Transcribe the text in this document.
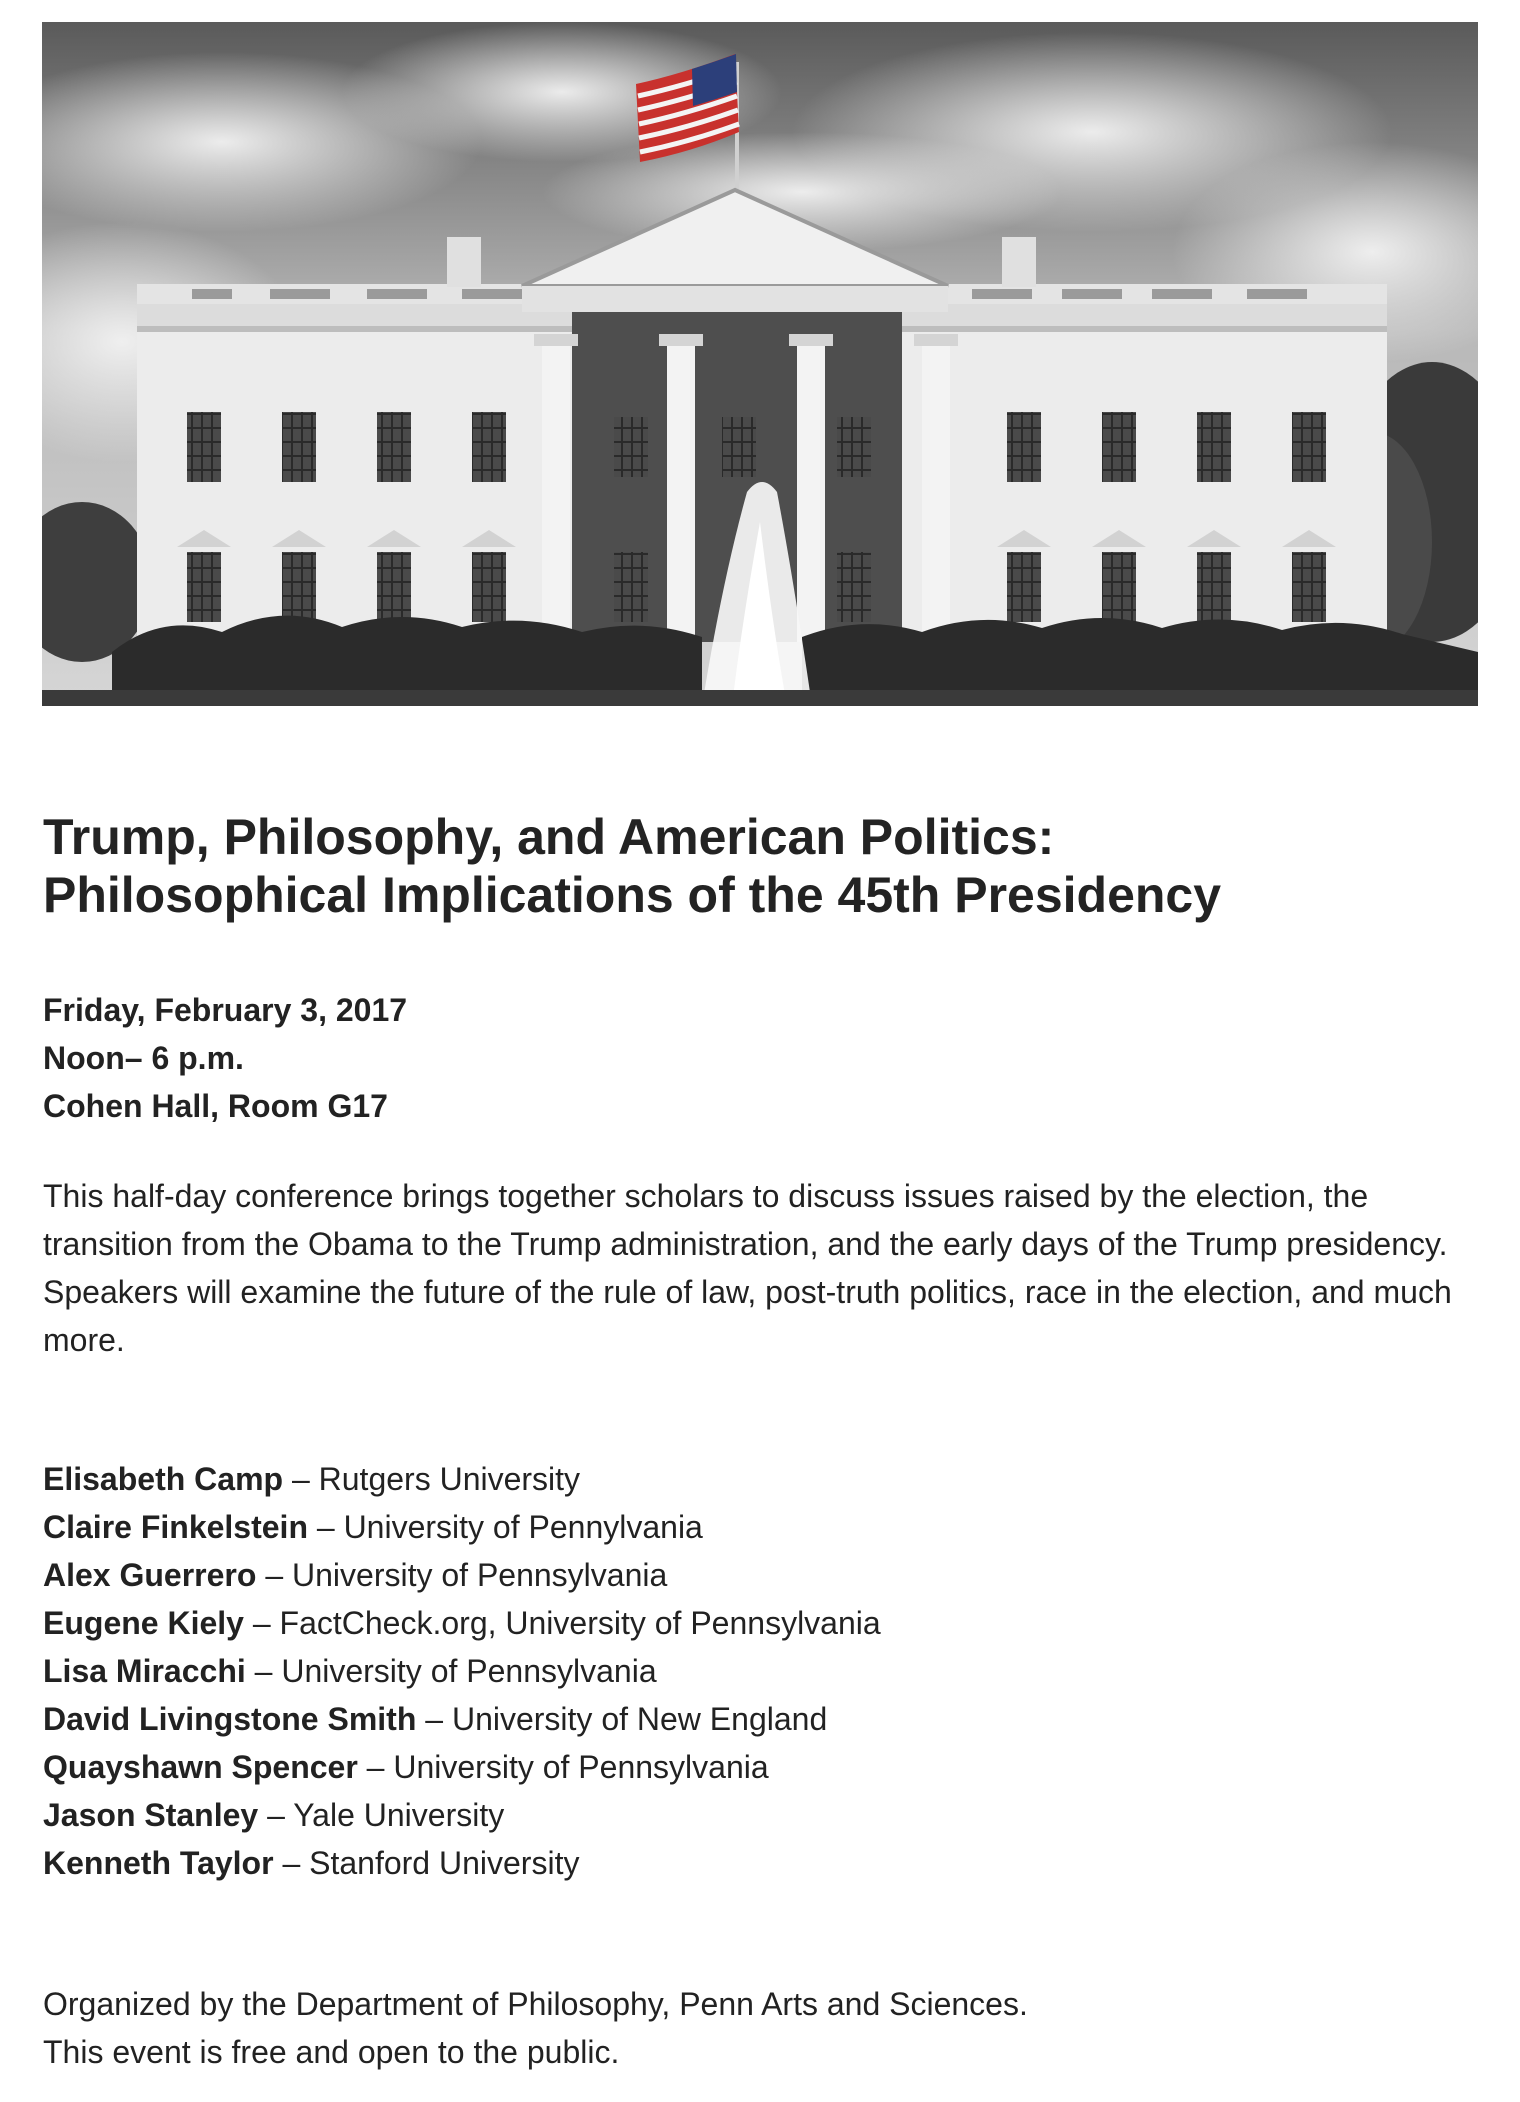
Trump, Philosophy, and American Politics:
Philosophical Implications of the 45th Presidency
Friday, February 3, 2017
Noon– 6 p.m.
Cohen Hall, Room G17

This half-day conference brings together scholars to discuss issues raised by the election, the transition from the Obama to the Trump administration, and the early days of the Trump presidency. Speakers will examine the future of the rule of law, post-truth politics, race in the election, and much more.

Elisabeth Camp – Rutgers University
Claire Finkelstein – University of Pennylvania
Alex Guerrero – University of Pennsylvania
Eugene Kiely – FactCheck.org, University of Pennsylvania
Lisa Miracchi – University of Pennsylvania
David Livingstone Smith – University of New England
Quayshawn Spencer – University of Pennsylvania
Jason Stanley – Yale University
Kenneth Taylor – Stanford University
Organized by the Department of Philosophy, Penn Arts and Sciences.
This event is free and open to the public.
